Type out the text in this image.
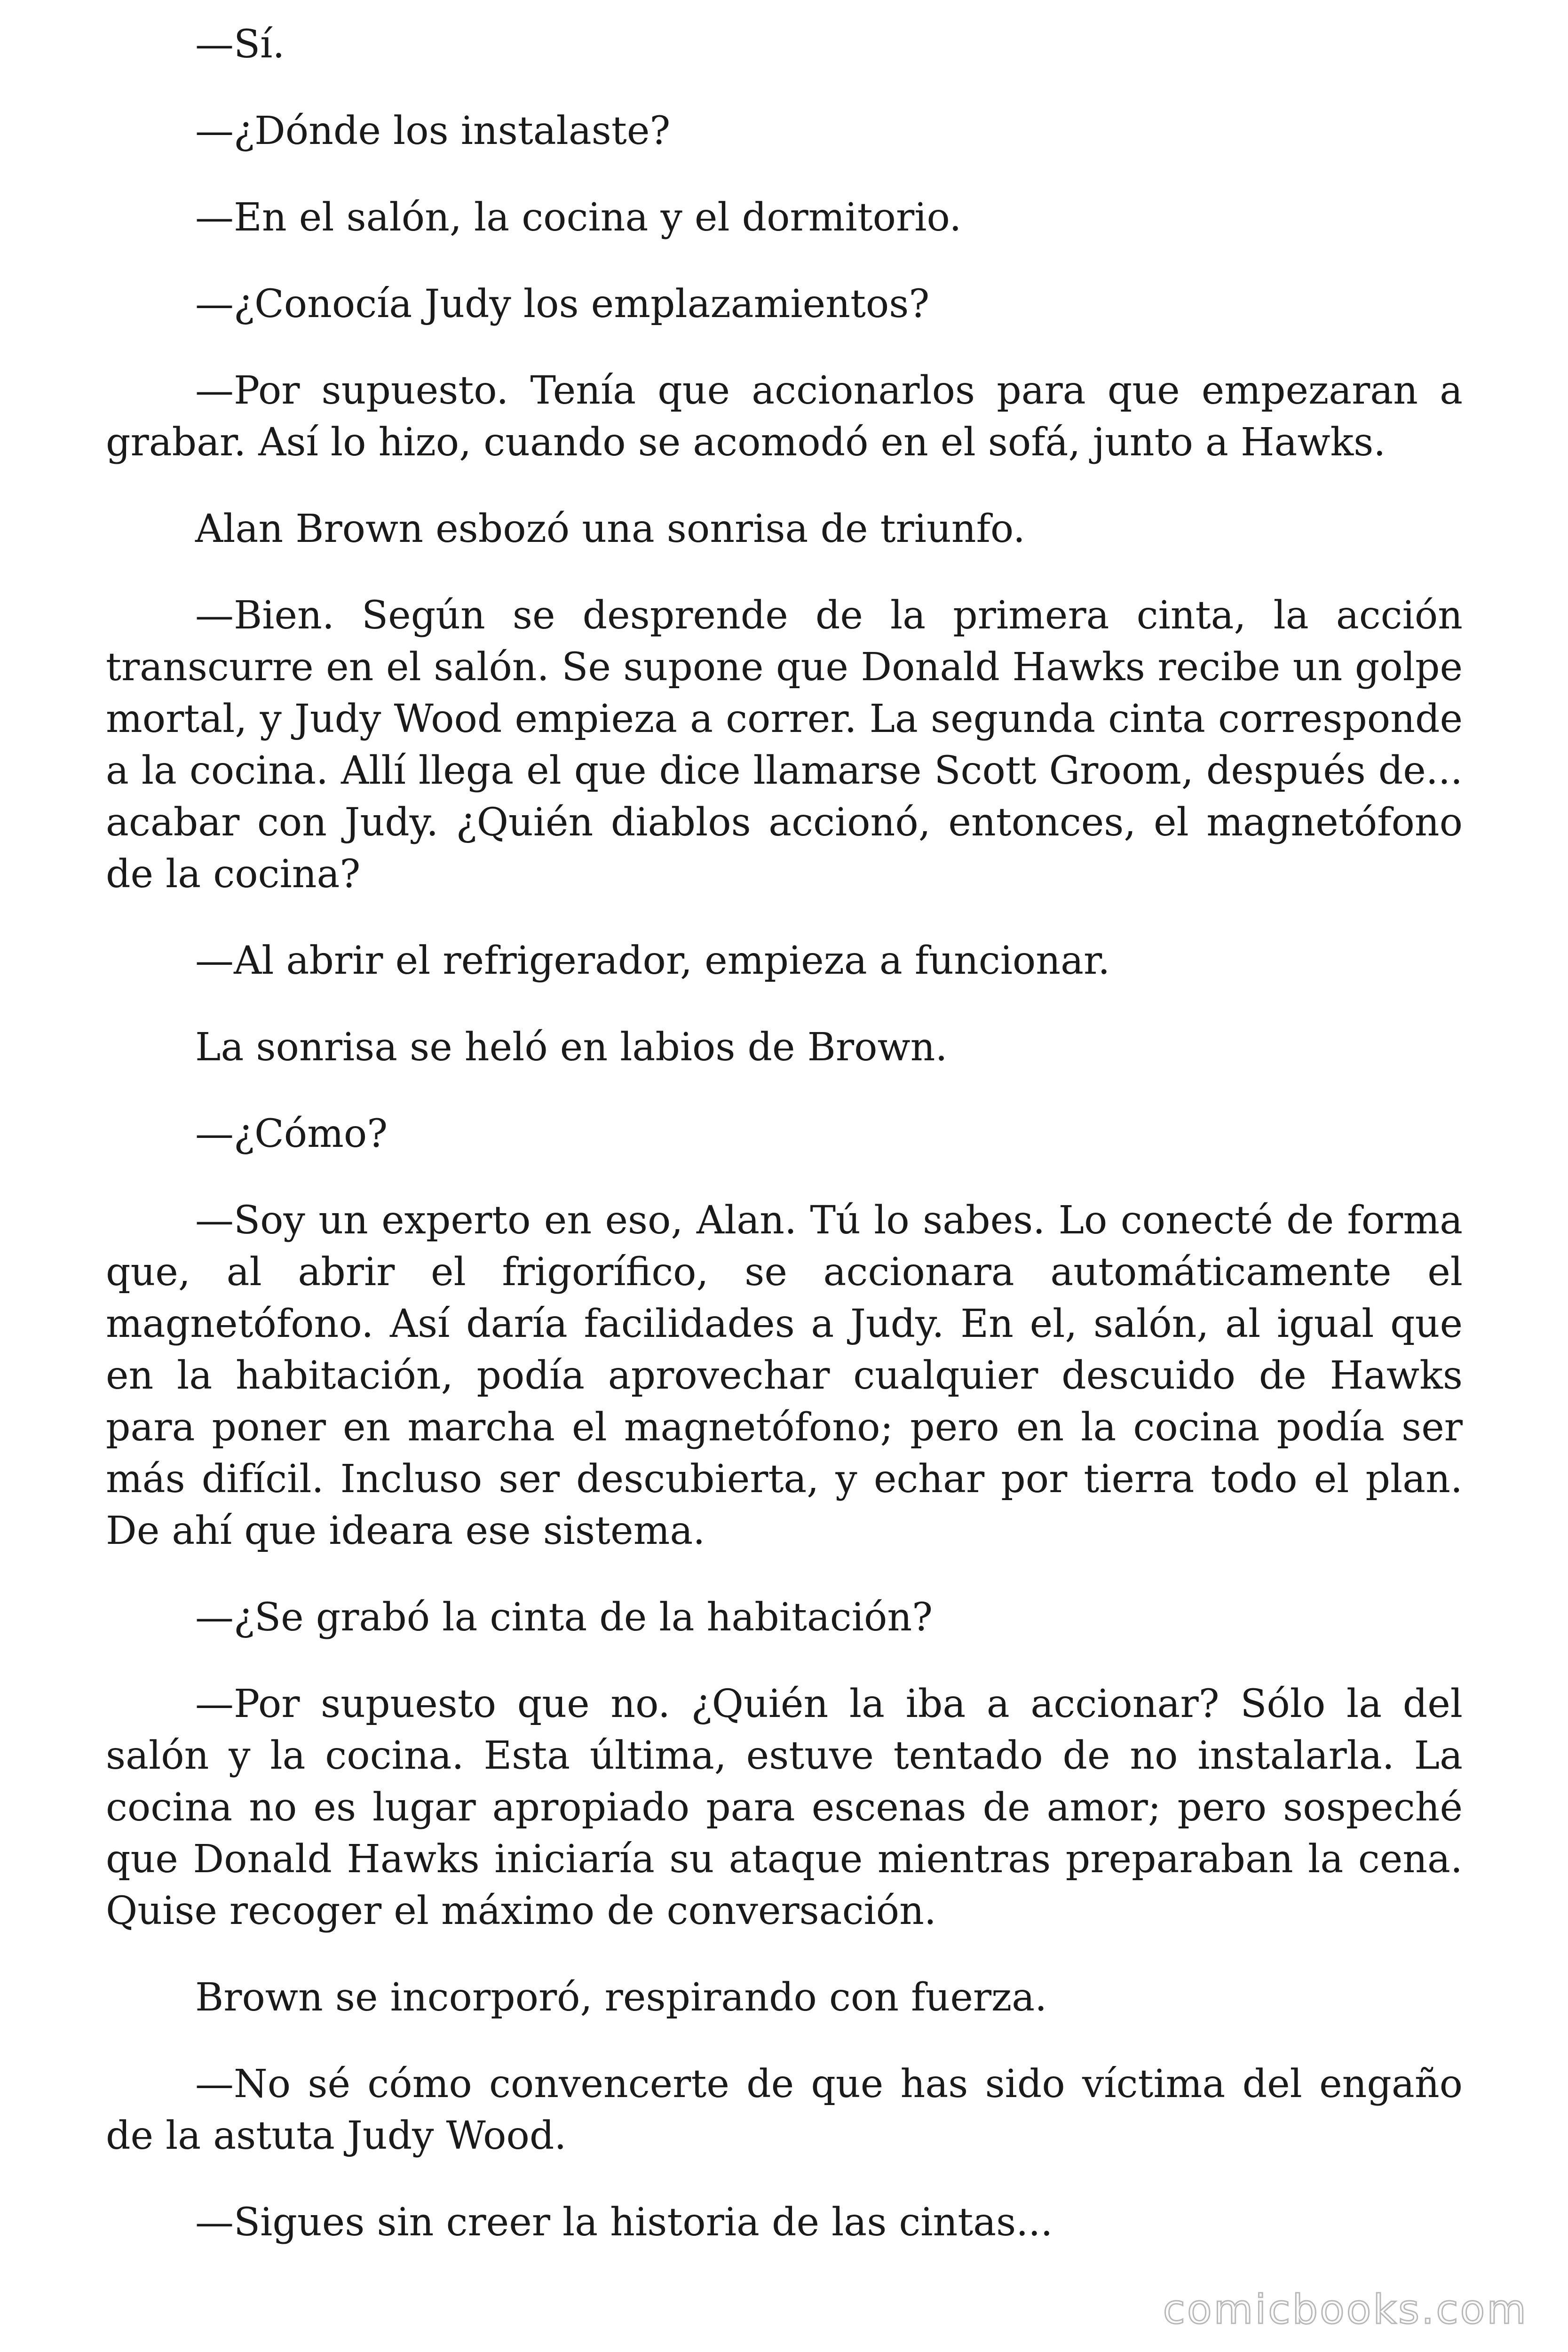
—Sí.

—¿Dónde los instalaste?

—En el salón, la cocina y el dormitorio.

—¿Conocía Judy los emplazamientos?

—Por supuesto. Tenía que accionarlos para que empezaran a grabar. Así lo hizo, cuando se acomodó en el sofá, junto a Hawks.

Alan Brown esbozó una sonrisa de triunfo.

—Bien. Según se desprende de la primera cinta, la acción transcurre en el salón. Se supone que Donald Hawks recibe un golpe mortal, y Judy Wood empieza a correr. La segunda cinta corresponde a la cocina. Allí llega el que dice llamarse Scott Groom, después de... acabar con Judy. ¿Quién diablos accionó, entonces, el magnetófono de la cocina?

—Al abrir el refrigerador, empieza a funcionar.

La sonrisa se heló en labios de Brown.

—¿Cómo?

—Soy un experto en eso, Alan. Tú lo sabes. Lo conecté de forma que, al abrir el frigorífico, se accionara automáticamente el magnetófono. Así daría facilidades a Judy. En el, salón, al igual que en la habitación, podía aprovechar cualquier descuido de Hawks para poner en marcha el magnetófono; pero en la cocina podía ser más difícil. Incluso ser descubierta, y echar por tierra todo el plan. De ahí que ideara ese sistema.

—¿Se grabó la cinta de la habitación?

—Por supuesto que no. ¿Quién la iba a accionar? Sólo la del salón y la cocina. Esta última, estuve tentado de no instalarla. La cocina no es lugar apropiado para escenas de amor; pero sospeché que Donald Hawks iniciaría su ataque mientras preparaban la cena. Quise recoger el máximo de conversación.

Brown se incorporó, respirando con fuerza.

—No sé cómo convencerte de que has sido víctima del engaño de la astuta Judy Wood.

—Sigues sin creer la historia de las cintas...

comicbooks.com
